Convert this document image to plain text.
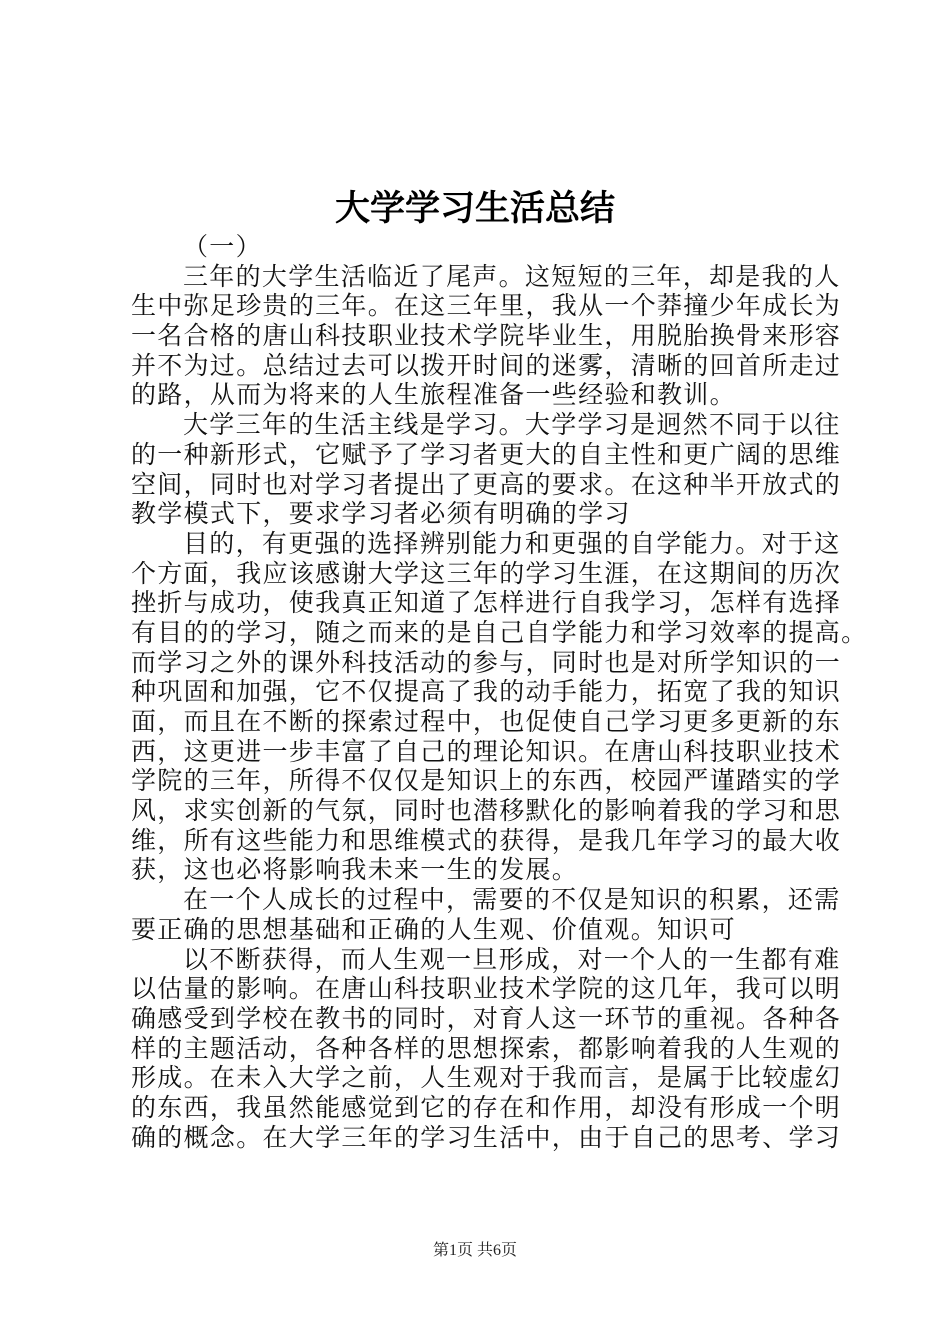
大学学习生活总结
（一）
三年的大学生活临近了尾声。这短短的三年，却是我的人
生中弥足珍贵的三年。在这三年里，我从一个莽撞少年成长为
一名合格的唐山科技职业技术学院毕业生，用脱胎换骨来形容
并不为过。总结过去可以拨开时间的迷雾，清晰的回首所走过
的路，从而为将来的人生旅程准备一些经验和教训。
大学三年的生活主线是学习。大学学习是迥然不同于以往
的一种新形式，它赋予了学习者更大的自主性和更广阔的思维
空间，同时也对学习者提出了更高的要求。在这种半开放式的
教学模式下，要求学习者必须有明确的学习
目的，有更强的选择辨别能力和更强的自学能力。对于这
个方面，我应该感谢大学这三年的学习生涯，在这期间的历次
挫折与成功，使我真正知道了怎样进行自我学习，怎样有选择
有目的的学习，随之而来的是自己自学能力和学习效率的提高。
而学习之外的课外科技活动的参与，同时也是对所学知识的一
种巩固和加强，它不仅提高了我的动手能力，拓宽了我的知识
面，而且在不断的探索过程中，也促使自己学习更多更新的东
西，这更进一步丰富了自己的理论知识。在唐山科技职业技术
学院的三年，所得不仅仅是知识上的东西，校园严谨踏实的学
风，求实创新的气氛，同时也潜移默化的影响着我的学习和思
维，所有这些能力和思维模式的获得，是我几年学习的最大收
获，这也必将影响我未来一生的发展。
在一个人成长的过程中，需要的不仅是知识的积累，还需
要正确的思想基础和正确的人生观、价值观。知识可
以不断获得，而人生观一旦形成，对一个人的一生都有难
以估量的影响。在唐山科技职业技术学院的这几年，我可以明
确感受到学校在教书的同时，对育人这一环节的重视。各种各
样的主题活动，各种各样的思想探索，都影响着我的人生观的
形成。在未入大学之前，人生观对于我而言，是属于比较虚幻
的东西，我虽然能感觉到它的存在和作用，却没有形成一个明
确的概念。在大学三年的学习生活中，由于自己的思考、学习
第1页 共6页
